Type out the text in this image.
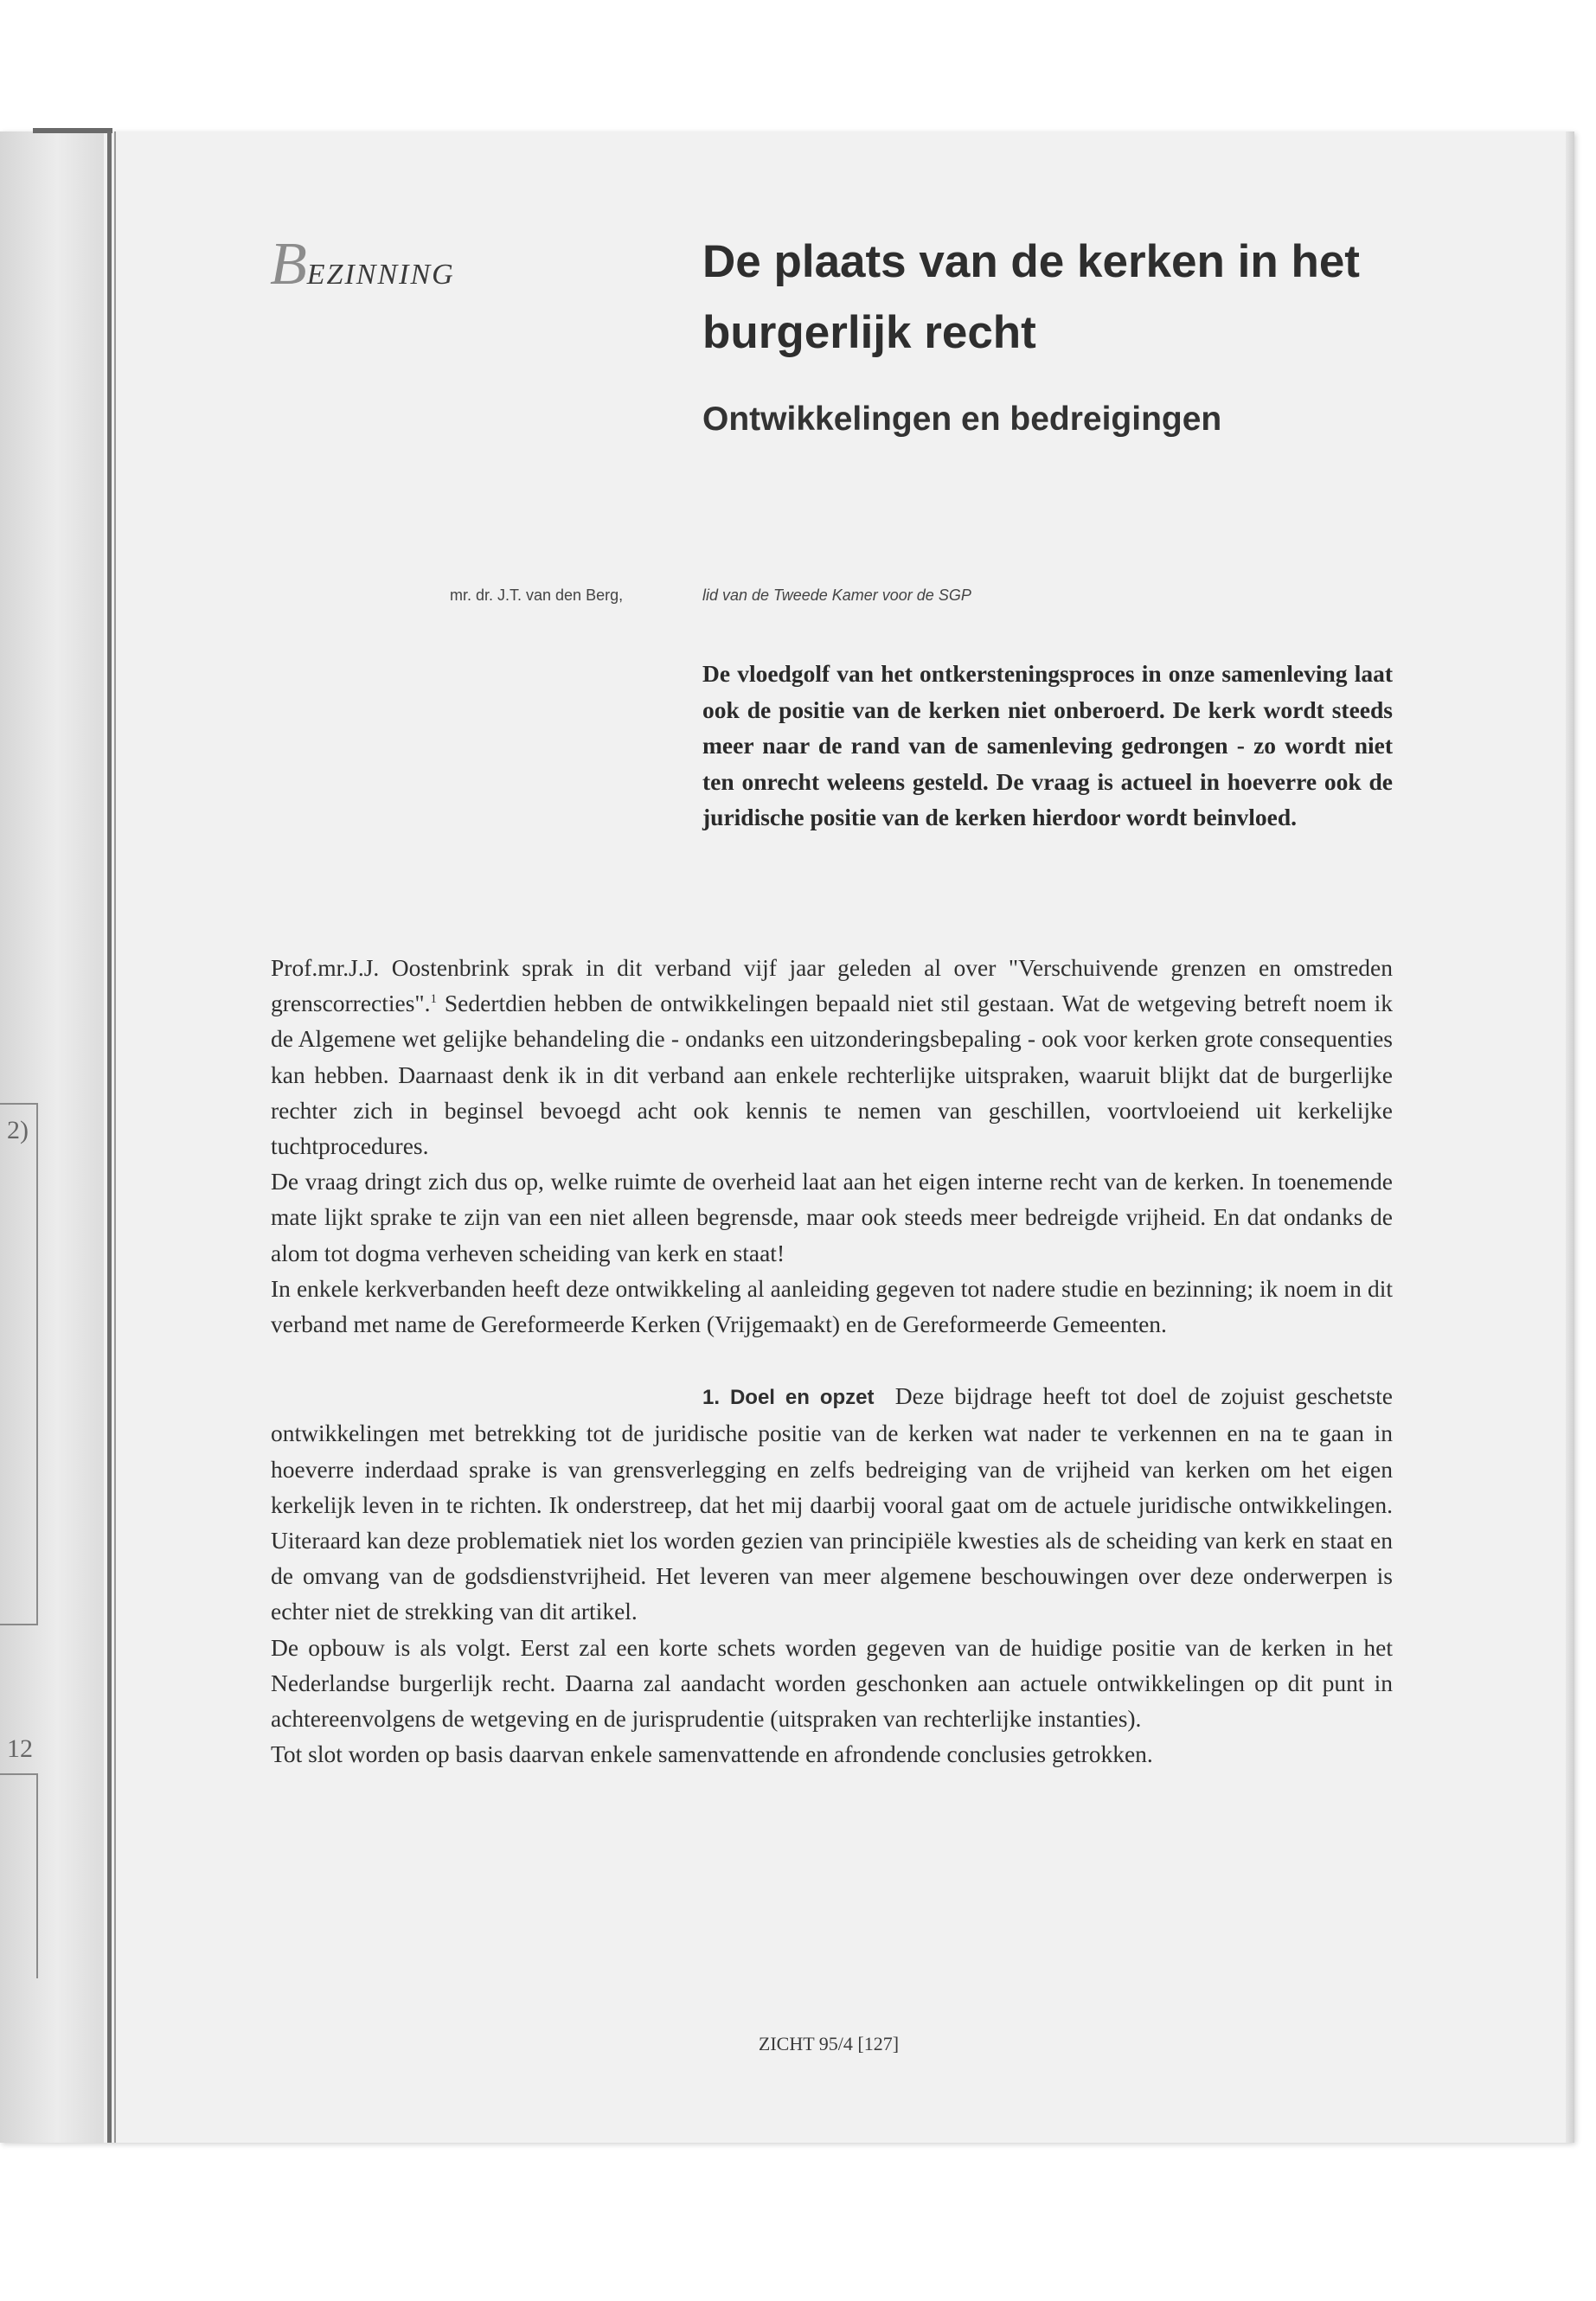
2)
12
BEZINNING	De plaats van de kerken in het burgerlijk recht
Ontwikkelingen en bedreigingen
mr. dr. J.T. van den Berg,	lid van de Tweede Kamer voor de SGP

De vloedgolf van het ontkersteningsproces in onze samenleving laat ook de positie van de kerken niet onberoerd. De kerk wordt steeds meer naar de rand van de samenleving gedrongen - zo wordt niet ten onrecht weleens gesteld. De vraag is actueel in hoeverre ook de juridische positie van de kerken hierdoor wordt beinvloed.

Prof.mr.J.J. Oostenbrink sprak in dit verband vijf jaar geleden al over "Verschuivende grenzen en omstreden grenscorrecties".$^1$ Sedertdien hebben de ontwikkelingen bepaald niet stil gestaan. Wat de wetgeving betreft noem ik de Algemene wet gelijke behandeling die - ondanks een uitzonderingsbepaling - ook voor kerken grote consequenties kan hebben. Daarnaast denk ik in dit verband aan enkele rechterlijke uitspraken, waaruit blijkt dat de burgerlijke rechter zich in beginsel bevoegd acht ook kennis te nemen van geschillen, voortvloeiend uit kerkelijke tuchtprocedures.

De vraag dringt zich dus op, welke ruimte de overheid laat aan het eigen interne recht van de kerken. In toenemende mate lijkt sprake te zijn van een niet alleen begrensde, maar ook steeds meer bedreigde vrijheid. En dat ondanks de alom tot dogma verheven scheiding van kerk en staat!

In enkele kerkverbanden heeft deze ontwikkeling al aanleiding gegeven tot nadere studie en bezinning; ik noem in dit verband met name de Gereformeerde Kerken (Vrijgemaakt) en de Gereformeerde Gemeenten.

1. Doel en opzet Deze bijdrage heeft tot doel de zojuist geschetste ontwikkelingen met betrekking tot de juridische positie van de kerken wat nader te verkennen en na te gaan in hoeverre inderdaad sprake is van grensverlegging en zelfs bedreiging van de vrijheid van kerken om het eigen kerkelijk leven in te richten. Ik onderstreep, dat het mij daarbij vooral gaat om de actuele juridische ontwikkelingen. Uiteraard kan deze problematiek niet los worden gezien van principiële kwesties als de scheiding van kerk en staat en de omvang van de godsdienstvrijheid. Het leveren van meer algemene beschouwingen over deze onderwerpen is echter niet de strekking van dit artikel.

De opbouw is als volgt. Eerst zal een korte schets worden gegeven van de huidige positie van de kerken in het Nederlandse burgerlijk recht. Daarna zal aandacht worden geschonken aan actuele ontwikkelingen op dit punt in achtereenvolgens de wetgeving en de jurisprudentie (uitspraken van rechterlijke instanties).

Tot slot worden op basis daarvan enkele samenvattende en afrondende conclusies getrokken.

ZICHT 95/4 [127]
